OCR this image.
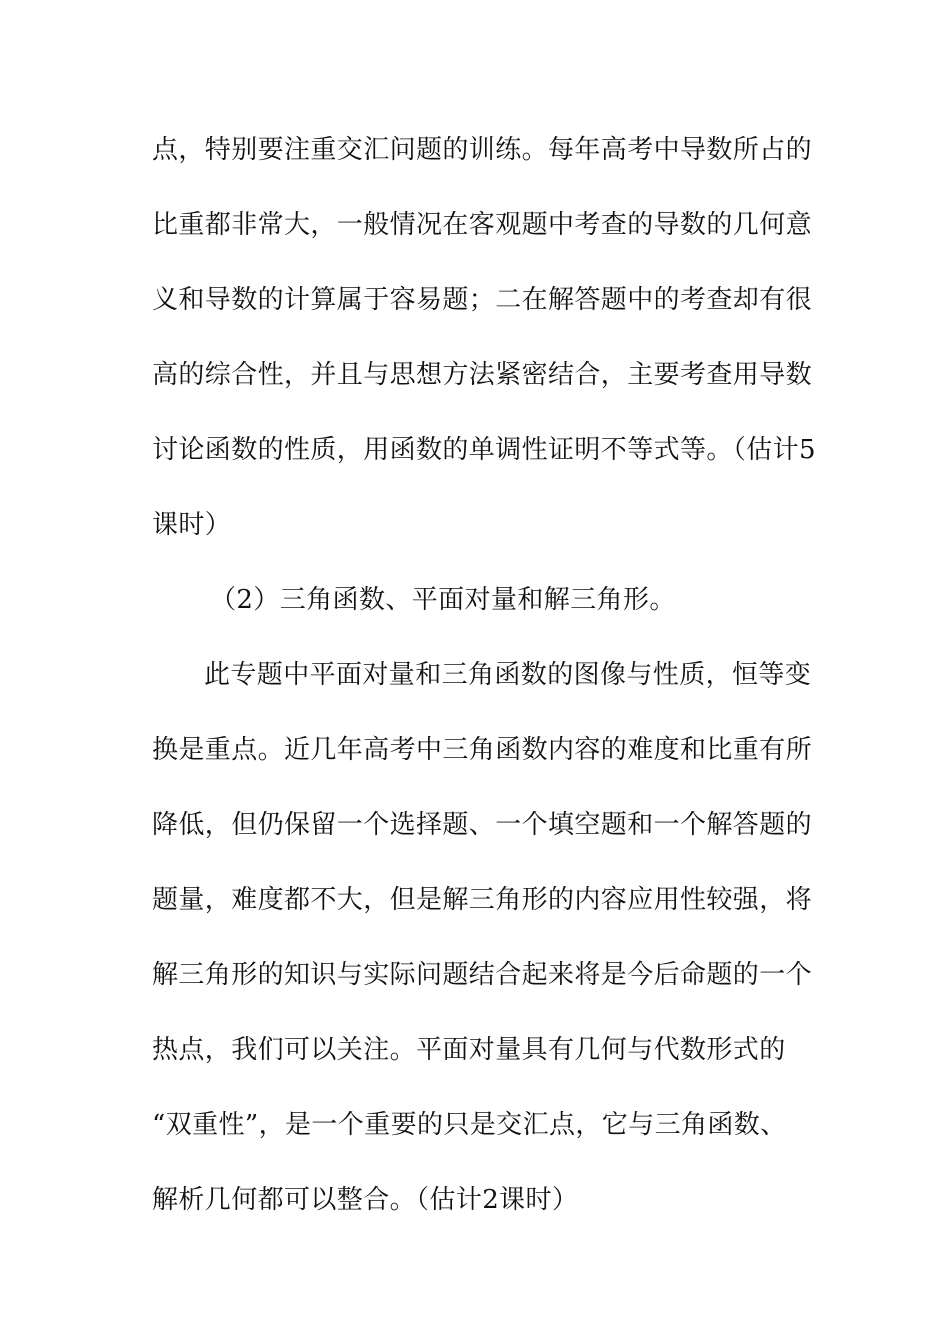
点，特别要注重交汇问题的训练。每年高考中导数所占的
比重都非常大，一般情况在客观题中考查的导数的几何意
义和导数的计算属于容易题；二在解答题中的考查却有很
高的综合性，并且与思想方法紧密结合，主要考查用导数
讨论函数的性质，用函数的单调性证明不等式等。（估计5
课时）
（2）三角函数、平面对量和解三角形。
此专题中平面对量和三角函数的图像与性质，恒等变
换是重点。近几年高考中三角函数内容的难度和比重有所
降低，但仍保留一个选择题、一个填空题和一个解答题的
题量，难度都不大，但是解三角形的内容应用性较强，将
解三角形的知识与实际问题结合起来将是今后命题的一个
热点，我们可以关注。平面对量具有几何与代数形式的
“双重性”，是一个重要的只是交汇点，它与三角函数、
解析几何都可以整合。（估计2课时）
